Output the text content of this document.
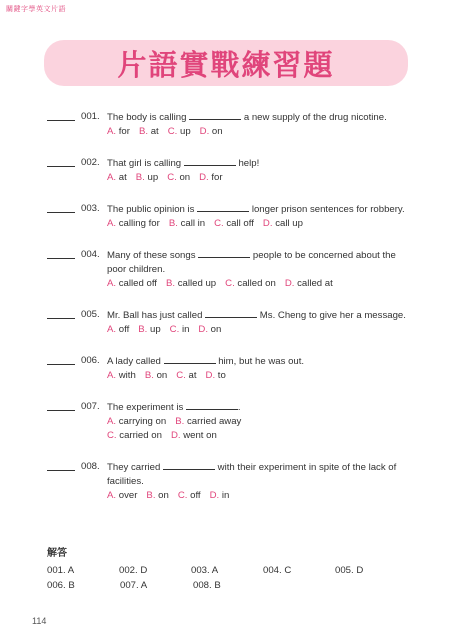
關鍵字學英文片語
片語實戰練習題
001. The body is calling	a new supply of the drug nicotine.
A. for B. at C. up D. on
002. That girl is calling	help!
A. at B. up C. on D. for
003. The public opinion is	longer prison sentences for robbery.
A. calling for B. call in C. call off D. call up
004. Many of these songs	people to be concerned about the poor children.
A. called off B. called up C. called on D. called at
005. Mr. Ball has just called	Ms. Cheng to give her a message.
A. off B. up C. in D. on
006. A lady called	him, but he was out.
A. with B. on C. at D. to
007. The experiment is	.
A. carrying on B. carried away
C. carried on D. went on
008. They carried	with their experiment in spite of the lack of facilities.
A. over B. on C. off D. in
解答
001. A	002. D	003. A	004. C	005. D
006. B	007. A	008. B
114
